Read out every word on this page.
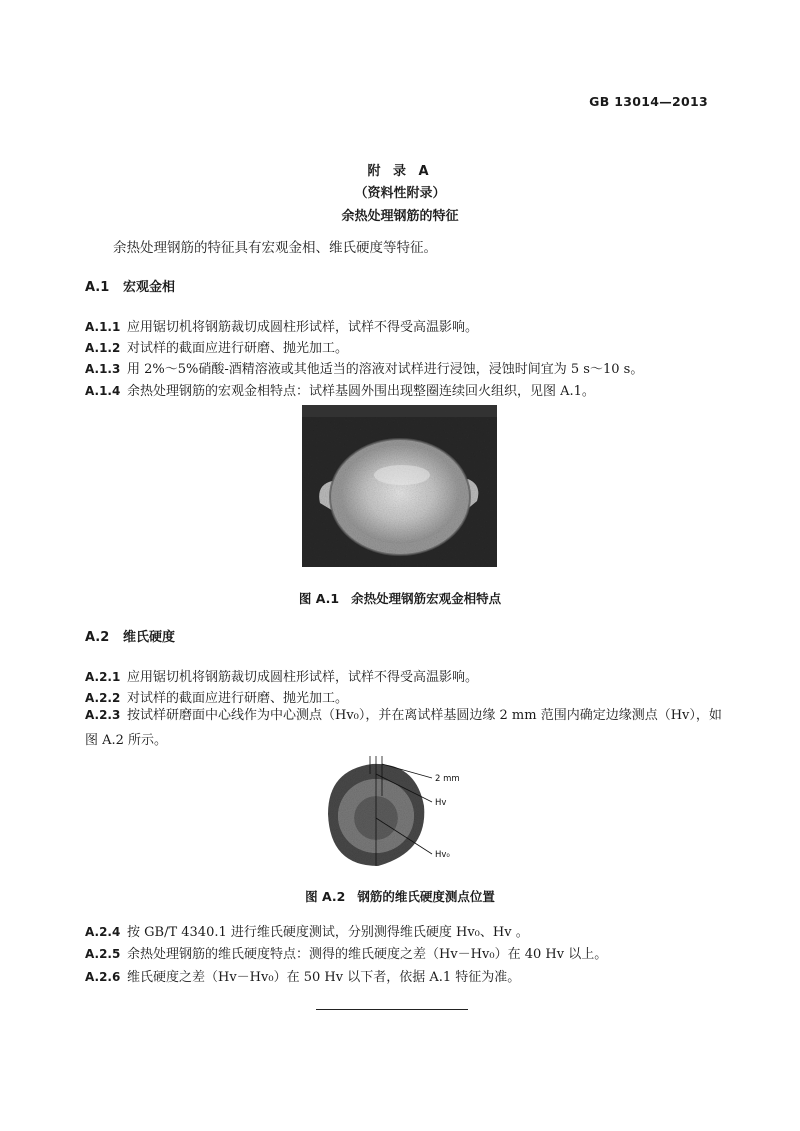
GB 13014—2013
附 录 A
（资料性附录）
余热处理钢筋的特征
余热处理钢筋的特征具有宏观金相、维氏硬度等特征。
A.1 宏观金相
A.1.1 应用锯切机将钢筋裁切成圆柱形试样，试样不得受高温影响。
A.1.2 对试样的截面应进行研磨、抛光加工。
A.1.3 用 2%～5%硝酸-酒精溶液或其他适当的溶液对试样进行浸蚀，浸蚀时间宜为 5 s～10 s。
A.1.4 余热处理钢筋的宏观金相特点：试样基圆外围出现整圈连续回火组织，见图 A.1。
图 A.1 余热处理钢筋宏观金相特点
A.2 维氏硬度
A.2.1 应用锯切机将钢筋裁切成圆柱形试样，试样不得受高温影响。
A.2.2 对试样的截面应进行研磨、抛光加工。
A.2.3 按试样研磨面中心线作为中心测点（Hv₀），并在离试样基圆边缘 2 mm 范围内确定边缘测点（Hv），如图 A.2 所示。
2 mm
Hv
Hv₀
图 A.2 钢筋的维氏硬度测点位置
A.2.4 按 GB/T 4340.1 进行维氏硬度测试，分别测得维氏硬度 Hv₀、Hv 。
A.2.5 余热处理钢筋的维氏硬度特点：测得的维氏硬度之差（Hv－Hv₀）在 40 Hv 以上。
A.2.6 维氏硬度之差（Hv－Hv₀）在 50 Hv 以下者，依据 A.1 特征为准。
